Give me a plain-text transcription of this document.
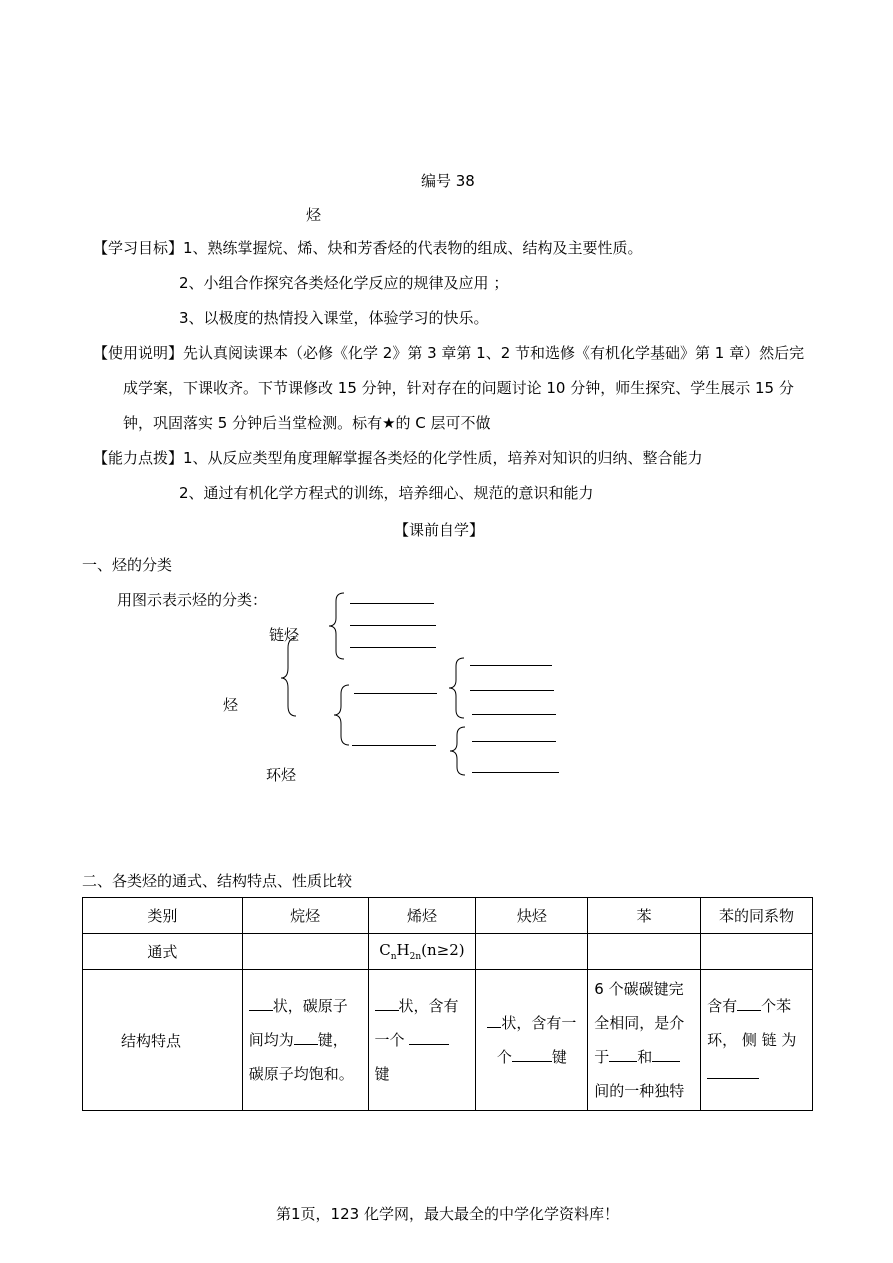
编号 38
烃
【学习目标】1、熟练掌握烷、烯、炔和芳香烃的代表物的组成、结构及主要性质。
2、小组合作探究各类烃化学反应的规律及应用 ；
3、以极度的热情投入课堂，体验学习的快乐。
【使用说明】先认真阅读课本（必修《化学 2》第 3 章第 1、2 节和选修《有机化学基础》第 1 章）然后完
成学案，下课收齐。下节课修改 15 分钟，针对存在的问题讨论 10 分钟，师生探究、学生展示 15 分
钟，巩固落实 5 分钟后当堂检测。标有★的 C 层可不做
【能力点拨】1、从反应类型角度理解掌握各类烃的化学性质，培养对知识的归纳、整合能力
2、通过有机化学方程式的训练，培养细心、规范的意识和能力
【课前自学】
一、烃的分类
用图示表示烃的分类：
链烃
烃
环烃
二、各类烃的通式、结构特点、性质比较
类别	烷烃	烯烃	炔烃	苯	苯的同系物
通式		$C_nH_{2n}(n\ge 2)$			
结构特点	状，碳原子
间均为 键，
碳原子均饱和。	状，含有
一个
键	状，含有一
个 键	6 个碳碳键完
全相同，是介
于 和
间的一种独特	含有 个苯
环， 侧 链 为

第1页，123 化学网，最大最全的中学化学资料库！
